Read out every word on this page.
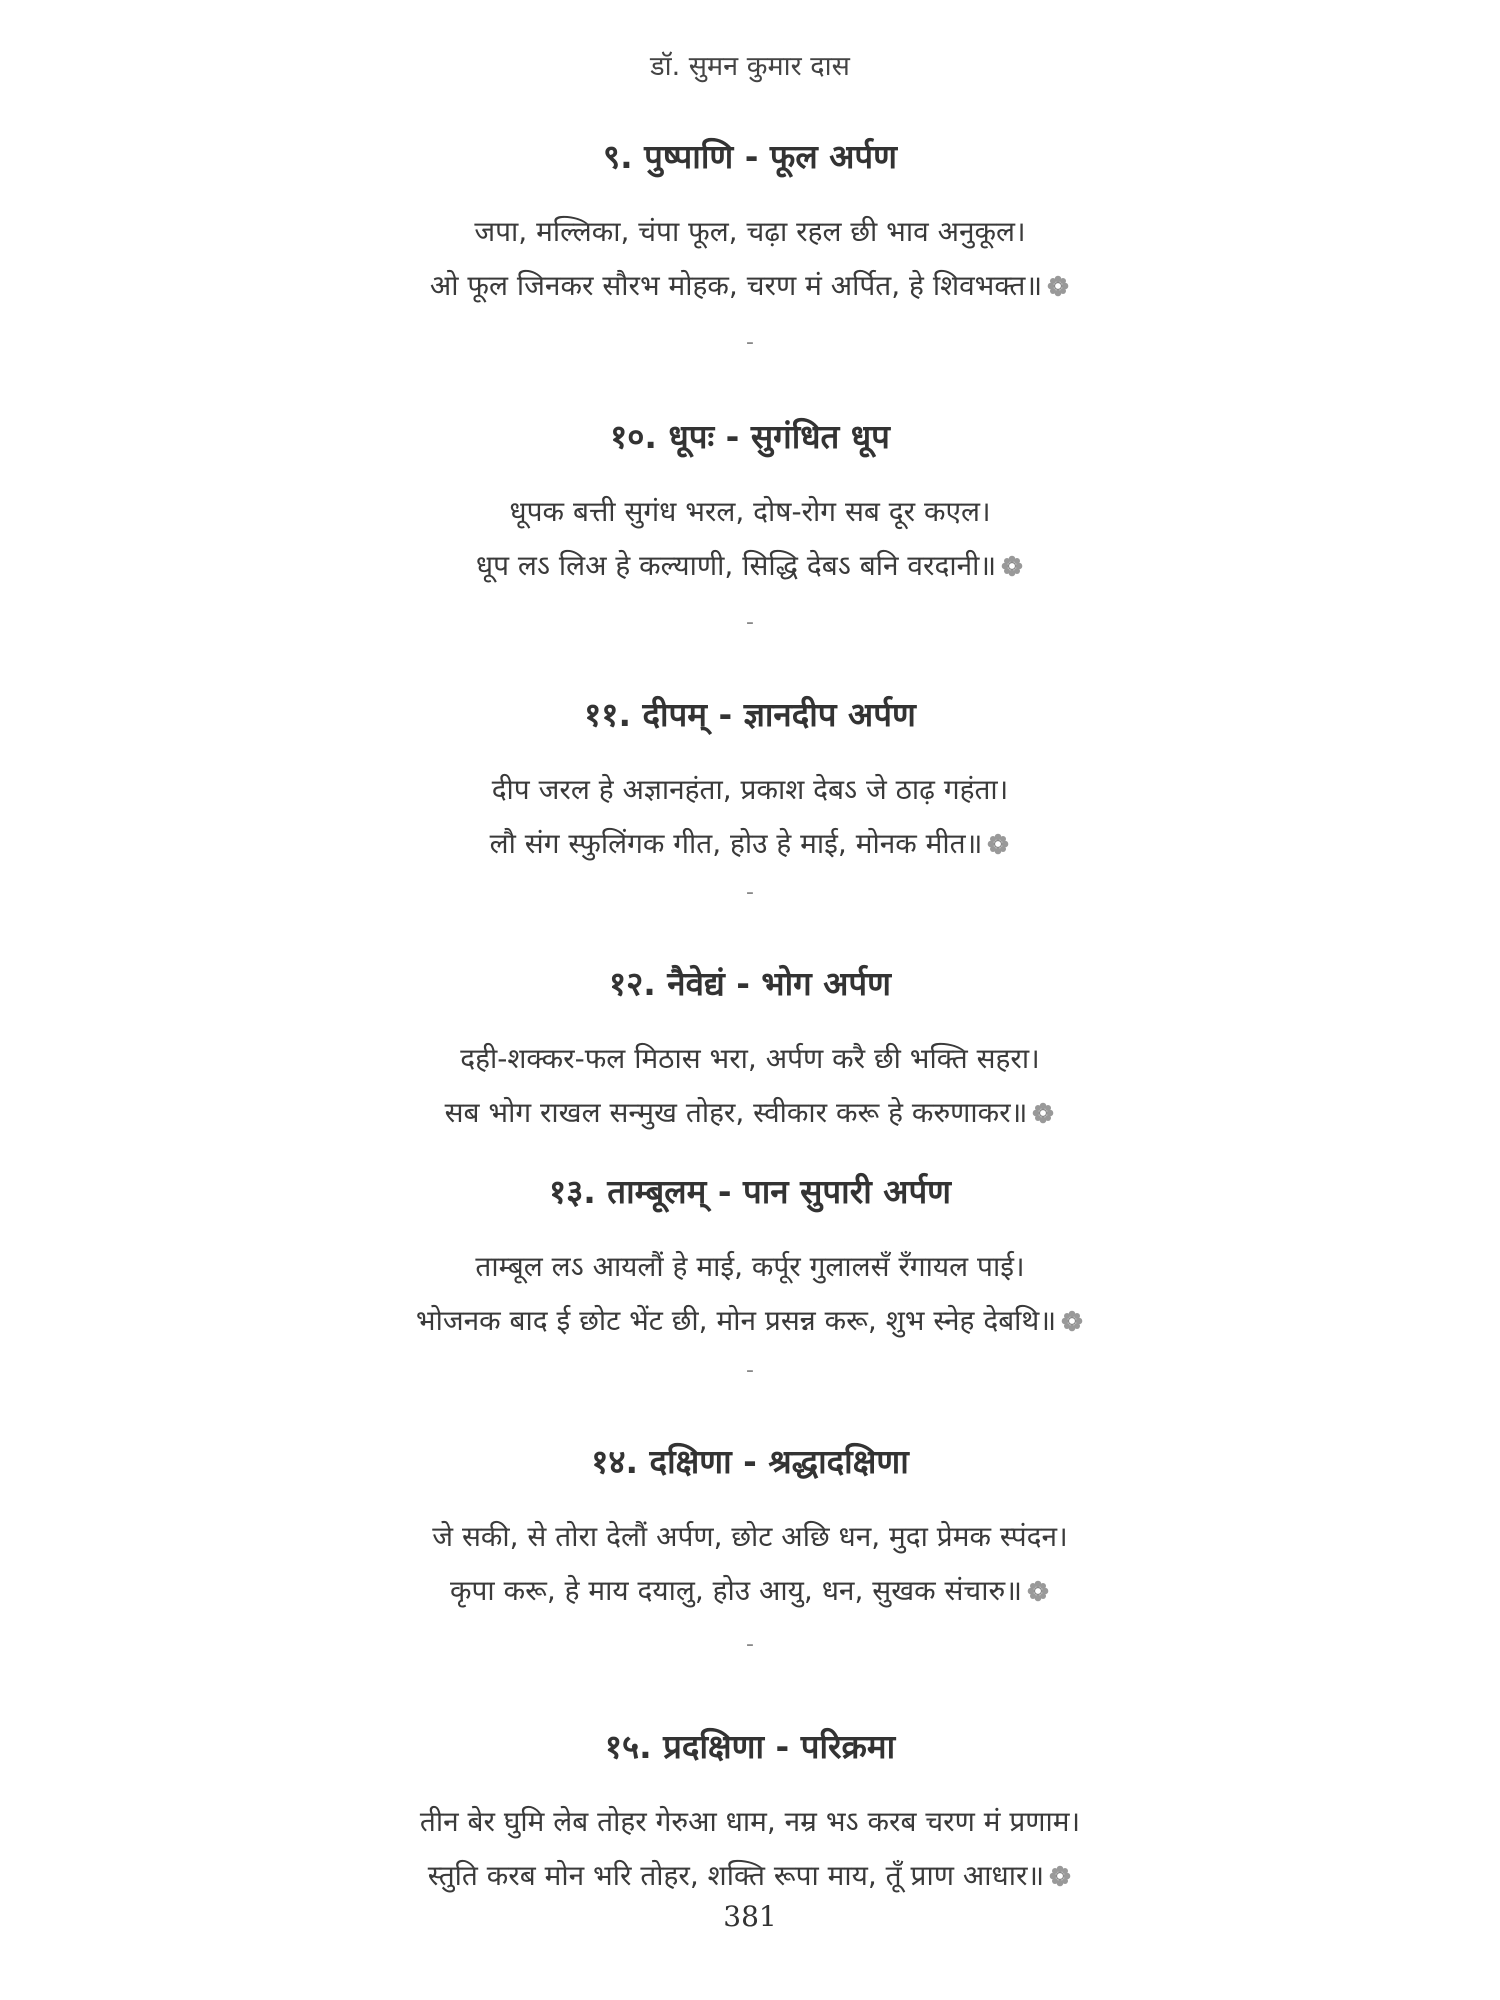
डॉ. सुमन कुमार दास
९. पुष्पाणि - फूल अर्पण

जपा, मल्लिका, चंपा फूल, चढ़ा रहल छी भाव अनुकूल।

ओ फूल जिनकर सौरभ मोहक, चरण मं अर्पित, हे शिवभक्त॥

-
१०. धूपः - सुगंधित धूप

धूपक बत्ती सुगंध भरल, दोष-रोग सब दूर कएल।

धूप लऽ लिअ हे कल्याणी, सिद्धि देबऽ बनि वरदानी॥

-
११. दीपम् - ज्ञानदीप अर्पण

दीप जरल हे अज्ञानहंता, प्रकाश देबऽ जे ठाढ़ गहंता।

लौ संग स्फुलिंगक गीत, होउ हे माई, मोनक मीत॥

-
१२. नैवेद्यं - भोग अर्पण

दही-शक्कर-फल मिठास भरा, अर्पण करै छी भक्ति सहरा।

सब भोग राखल सन्मुख तोहर, स्वीकार करू हे करुणाकर॥

१३. ताम्बूलम् - पान सुपारी अर्पण

ताम्बूल लऽ आयलौं हे माई, कर्पूर गुलालसँ रँगायल पाई।

भोजनक बाद ई छोट भेंट छी, मोन प्रसन्न करू, शुभ स्नेह देबथि॥

-
१४. दक्षिणा - श्रद्धादक्षिणा

जे सकी, से तोरा देलौं अर्पण, छोट अछि धन, मुदा प्रेमक स्पंदन।

कृपा करू, हे माय दयालु, होउ आयु, धन, सुखक संचारु॥

-
१५. प्रदक्षिणा - परिक्रमा

तीन बेर घुमि लेब तोहर गेरुआ धाम, नम्र भऽ करब चरण मं प्रणाम।

स्तुति करब मोन भरि तोहर, शक्ति रूपा माय, तूँ प्राण आधार॥

381
